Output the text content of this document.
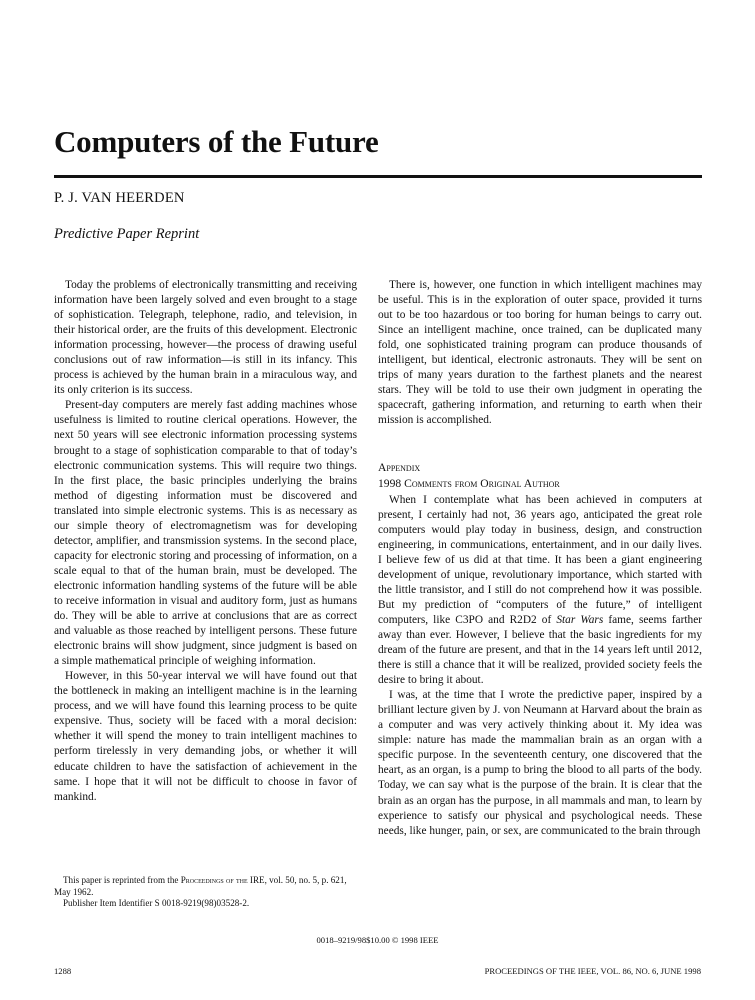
Computers of the Future
P. J. VAN HEERDEN
Predictive Paper Reprint

Today the problems of electronically transmitting and receiving information have been largely solved and even brought to a stage of sophistication. Telegraph, telephone, radio, and television, in their historical order, are the fruits of this development. Electronic information processing, however—the process of drawing useful conclusions out of raw information—is still in its infancy. This process is achieved by the human brain in a miraculous way, and its only criterion is its success.

Present-day computers are merely fast adding machines whose usefulness is limited to routine clerical operations. However, the next 50 years will see electronic information processing systems brought to a stage of sophistication comparable to that of today’s electronic communication systems. This will require two things. In the first place, the basic principles underlying the brains method of digesting information must be discovered and translated into simple electronic systems. This is as necessary as our simple theory of electromagnetism was for developing detector, amplifier, and transmission systems. In the second place, capacity for electronic storing and processing of information, on a scale equal to that of the human brain, must be developed. The electronic information handling systems of the future will be able to receive information in visual and auditory form, just as humans do. They will be able to arrive at conclusions that are as correct and valuable as those reached by intelligent persons. These future electronic brains will show judgment, since judgment is based on a simple mathematical principle of weighing information.

However, in this 50-year interval we will have found out that the bottleneck in making an intelligent machine is in the learning process, and we will have found this learning process to be quite expensive. Thus, society will be faced with a moral decision: whether it will spend the money to train intelligent machines to perform tirelessly in very demanding jobs, or whether it will educate children to have the satisfaction of achievement in the same. I hope that it will not be difficult to choose in favor of mankind.

This paper is reprinted from the Proceedings of the IRE, vol. 50, no. 5, p. 621, May 1962.

Publisher Item Identifier S 0018-9219(98)03528-2.

There is, however, one function in which intelligent machines may be useful. This is in the exploration of outer space, provided it turns out to be too hazardous or too boring for human beings to carry out. Since an intelligent machine, once trained, can be duplicated many fold, one sophisticated training program can produce thousands of intelligent, but identical, electronic astronauts. They will be sent on trips of many years duration to the farthest planets and the nearest stars. They will be told to use their own judgment in operating the spacecraft, gathering information, and returning to earth when their mission is accomplished.

Appendix
1998 Comments from Original Author

When I contemplate what has been achieved in computers at present, I certainly had not, 36 years ago, anticipated the great role computers would play today in business, design, and construction engineering, in communications, entertainment, and in our daily lives. I believe few of us did at that time. It has been a giant engineering development of unique, revolutionary importance, which started with the little transistor, and I still do not comprehend how it was possible. But my prediction of “computers of the future,” of intelligent computers, like C3PO and R2D2 of Star Wars fame, seems farther away than ever. However, I believe that the basic ingredients for my dream of the future are present, and that in the 14 years left until 2012, there is still a chance that it will be realized, provided society feels the desire to bring it about.

I was, at the time that I wrote the predictive paper, inspired by a brilliant lecture given by J. von Neumann at Harvard about the brain as a computer and was very actively thinking about it. My idea was simple: nature has made the mammalian brain as an organ with a specific purpose. In the seventeenth century, one discovered that the heart, as an organ, is a pump to bring the blood to all parts of the body. Today, we can say what is the purpose of the brain. It is clear that the brain as an organ has the purpose, in all mammals and man, to learn by experience to satisfy our physical and psychological needs. These needs, like hunger, pain, or sex, are communicated to the brain through

0018–9219/98$10.00 © 1998 IEEE
1288	PROCEEDINGS OF THE IEEE, VOL. 86, NO. 6, JUNE 1998
